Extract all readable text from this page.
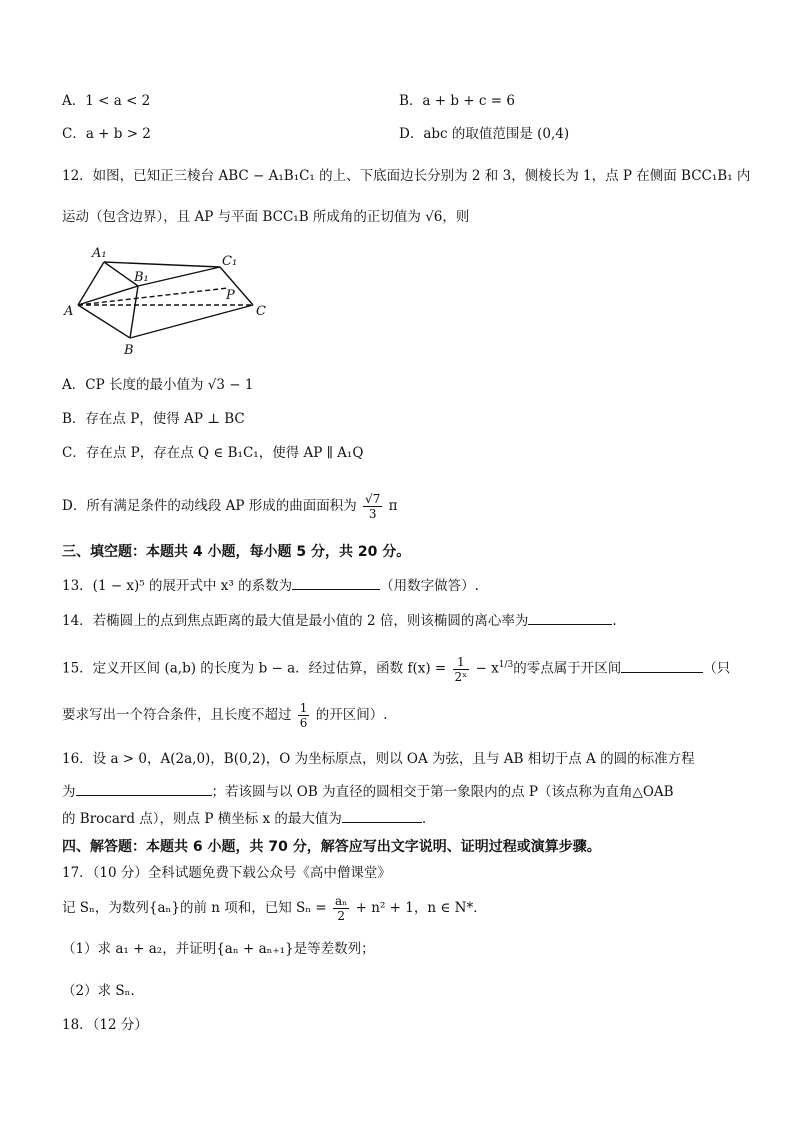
A．1 < a < 2	B．a + b + c = 6
C．a + b > 2	D．abc 的取值范围是 (0,4)
12．如图，已知正三棱台 ABC − A₁B₁C₁ 的上、下底面边长分别为 2 和 3，侧棱长为 1，点 P 在侧面 BCC₁B₁ 内
运动（包含边界），且 AP 与平面 BCC₁B 所成角的正切值为 √6，则
A₁
B₁
C₁
P
A	C
B
A．CP 长度的最小值为 √3 − 1
B．存在点 P，使得 AP ⊥ BC
C．存在点 P，存在点 Q ∈ B₁C₁，使得 AP ∥ A₁Q
D．所有满足条件的动线段 AP 形成的曲面面积为 $\frac{√7}{3}$ π
三、填空题：本题共 4 小题，每小题 5 分，共 20 分。
13．(1 − x)⁵ 的展开式中 x³ 的系数为	（用数字做答）.
14．若椭圆上的点到焦点距离的最大值是最小值的 2 倍，则该椭圆的离心率为	.
15．定义开区间 (a,b) 的长度为 b − a．经过估算，函数 $f(x) = \frac{1}{\text{2ˣ}} - x^{1/3}$的零点属于开区间	（只
要求写出一个符合条件，且长度不超过 $\frac{1}{6}$ 的开区间）.
16．设 a > 0，A(2a,0)，B(0,2)，O 为坐标原点，则以 OA 为弦，且与 AB 相切于点 A 的圆的标准方程
为	；若该圆与以 OB 为直径的圆相交于第一象限内的点 P（该点称为直角△OAB
的 Brocard 点），则点 P 横坐标 x 的最大值为	.
四、解答题：本题共 6 小题，共 70 分，解答应写出文字说明、证明过程或演算步骤。
17．（10 分）全科试题免费下载公众号《高中僧课堂》
记 Sₙ，为数列{aₙ}的前 n 项和，已知 $S_n = \frac{\text{aₙ}}{2} + n^2 + 1$，n ∈ N*．
（1）求 a₁ + a₂，并证明{aₙ + aₙ₊₁}是等差数列；
（2）求 Sₙ．
18．（12 分）
